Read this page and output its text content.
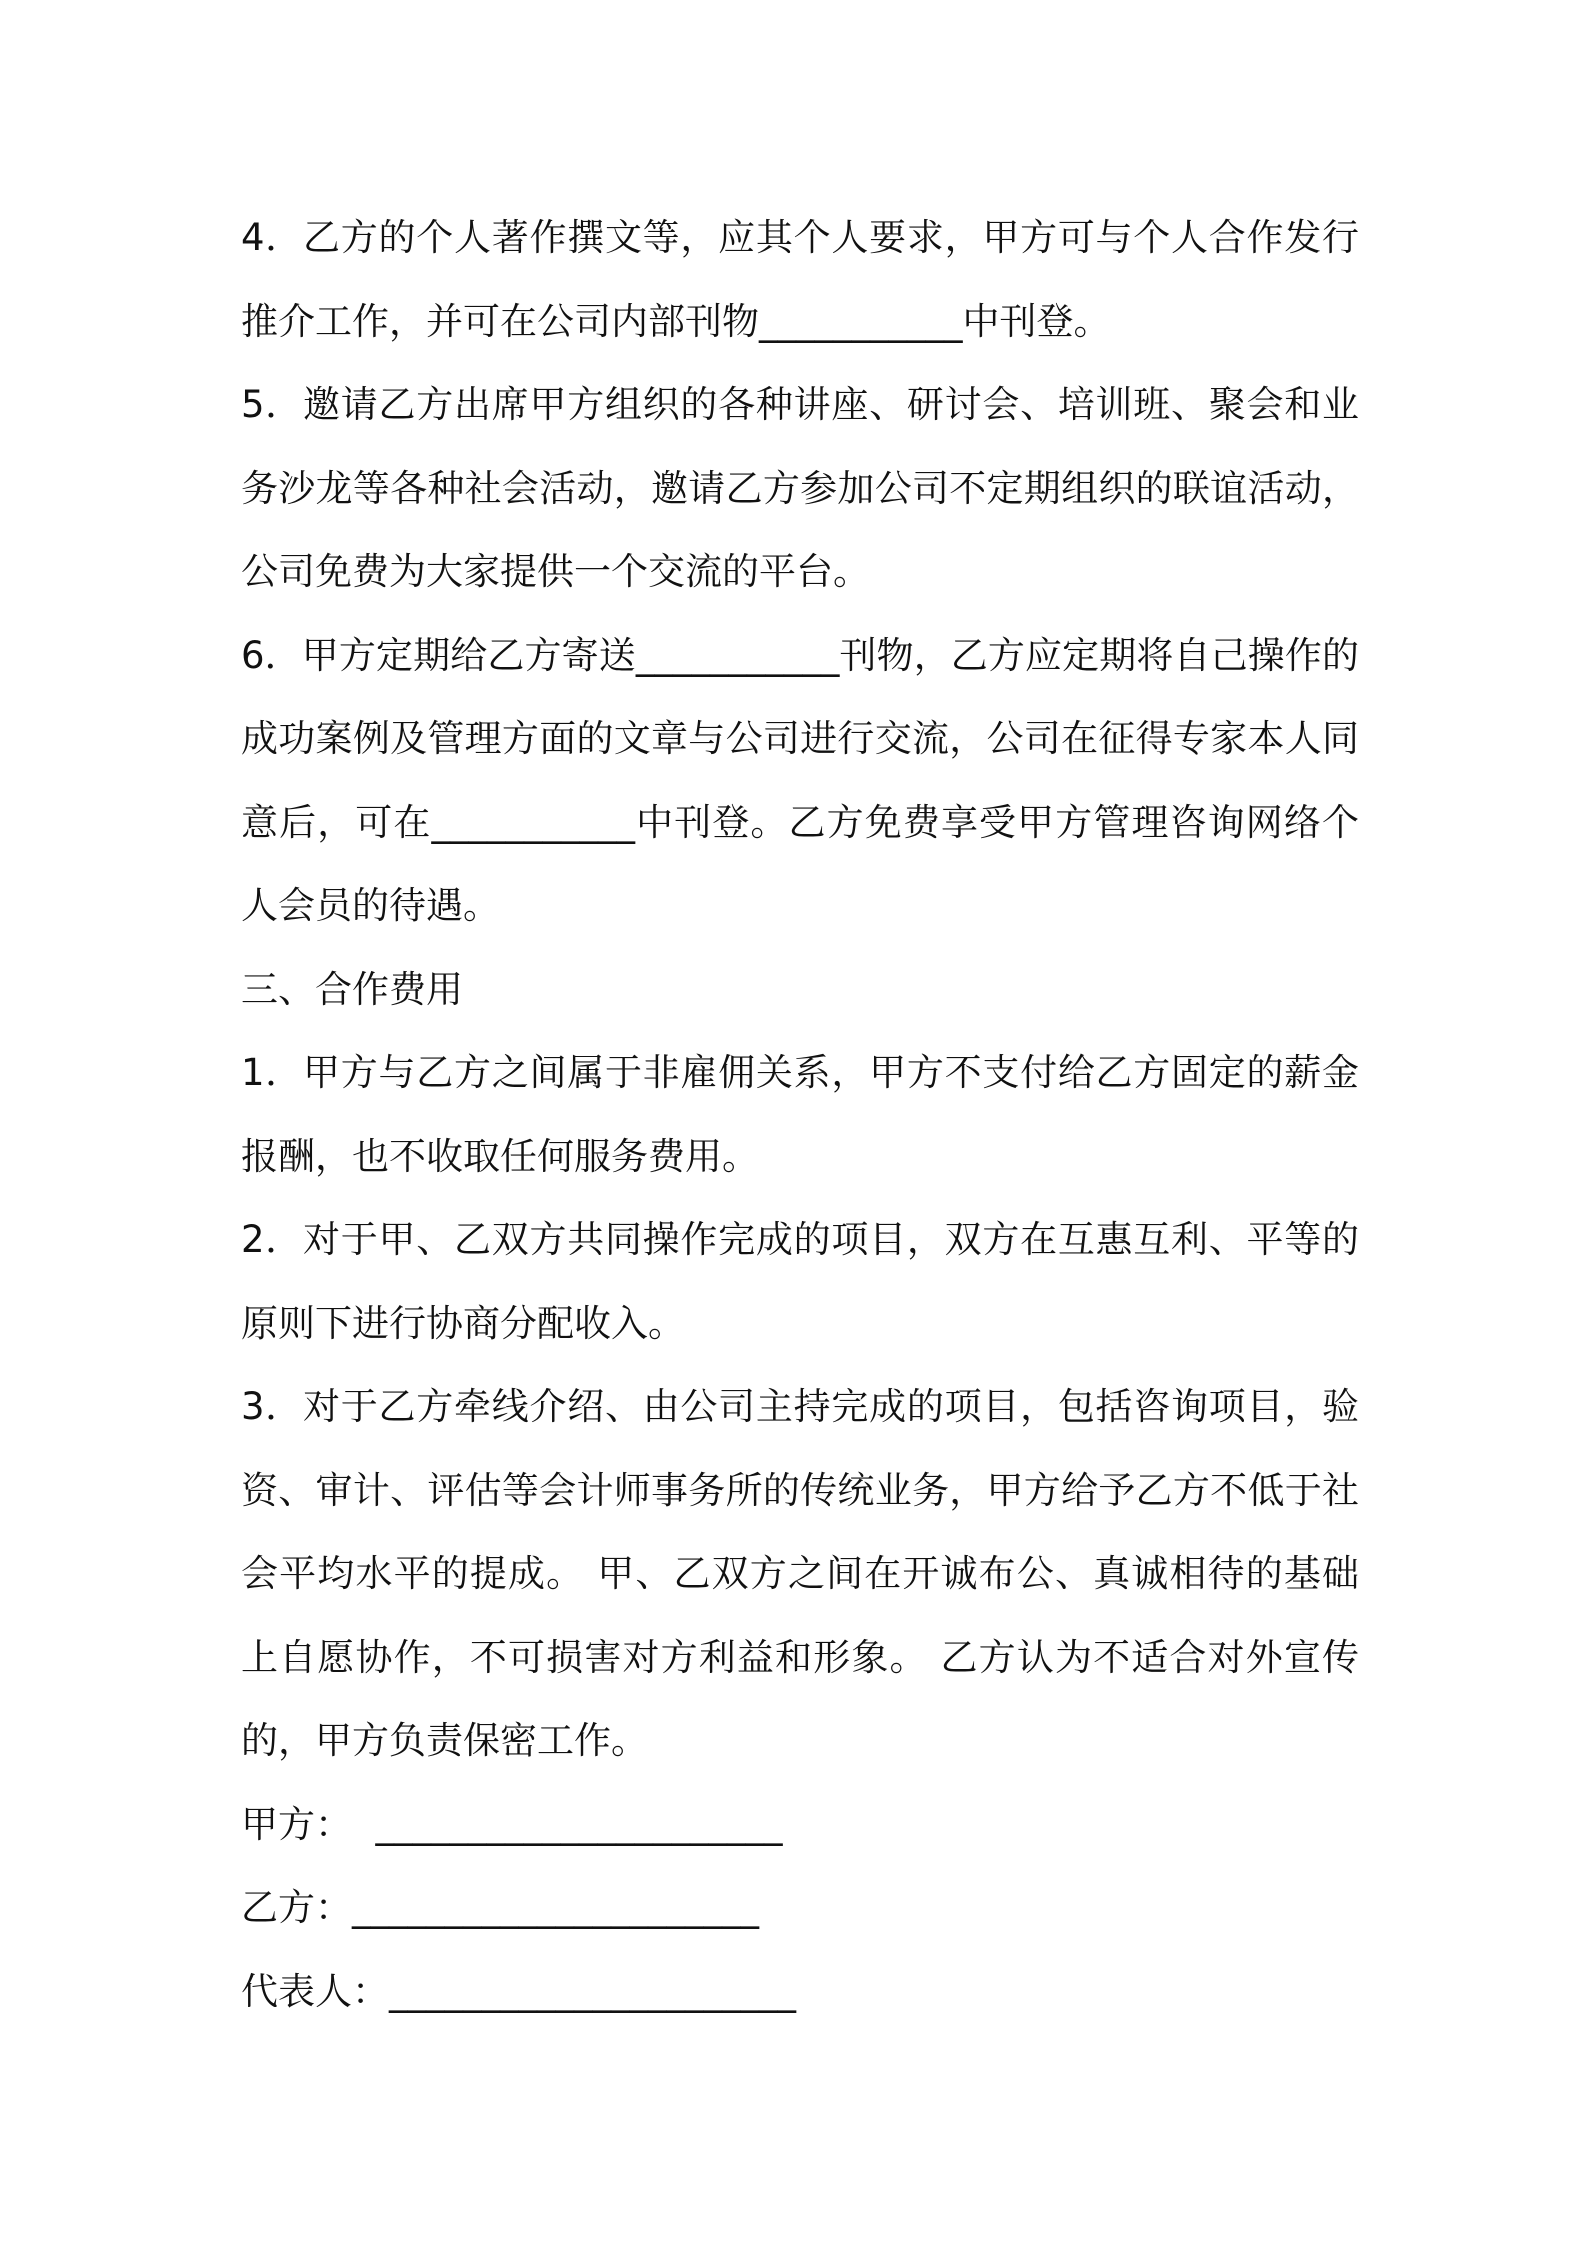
4．乙方的个人著作撰文等，应其个人要求，甲方可与个人合作发行推介工作，并可在公司内部刊物___________中刊登。

5．邀请乙方出席甲方组织的各种讲座、研讨会、培训班、聚会和业务沙龙等各种社会活动，邀请乙方参加公司不定期组织的联谊活动，公司免费为大家提供一个交流的平台。

6．甲方定期给乙方寄送___________刊物，乙方应定期将自己操作的成功案例及管理方面的文章与公司进行交流，公司在征得专家本人同意后，可在___________中刊登。乙方免费享受甲方管理咨询网络个人会员的待遇。

三、合作费用

1．甲方与乙方之间属于非雇佣关系，甲方不支付给乙方固定的薪金报酬，也不收取任何服务费用。

2．对于甲、乙双方共同操作完成的项目，双方在互惠互利、平等的原则下进行协商分配收入。

3．对于乙方牵线介绍、由公司主持完成的项目，包括咨询项目，验资、审计、评估等会计师事务所的传统业务，甲方给予乙方不低于社会平均水平的提成。 甲、乙双方之间在开诚布公、真诚相待的基础上自愿协作，不可损害对方利益和形象。 乙方认为不适合对外宣传的，甲方负责保密工作。

甲方：  ______________________

乙方：______________________

代表人：______________________
